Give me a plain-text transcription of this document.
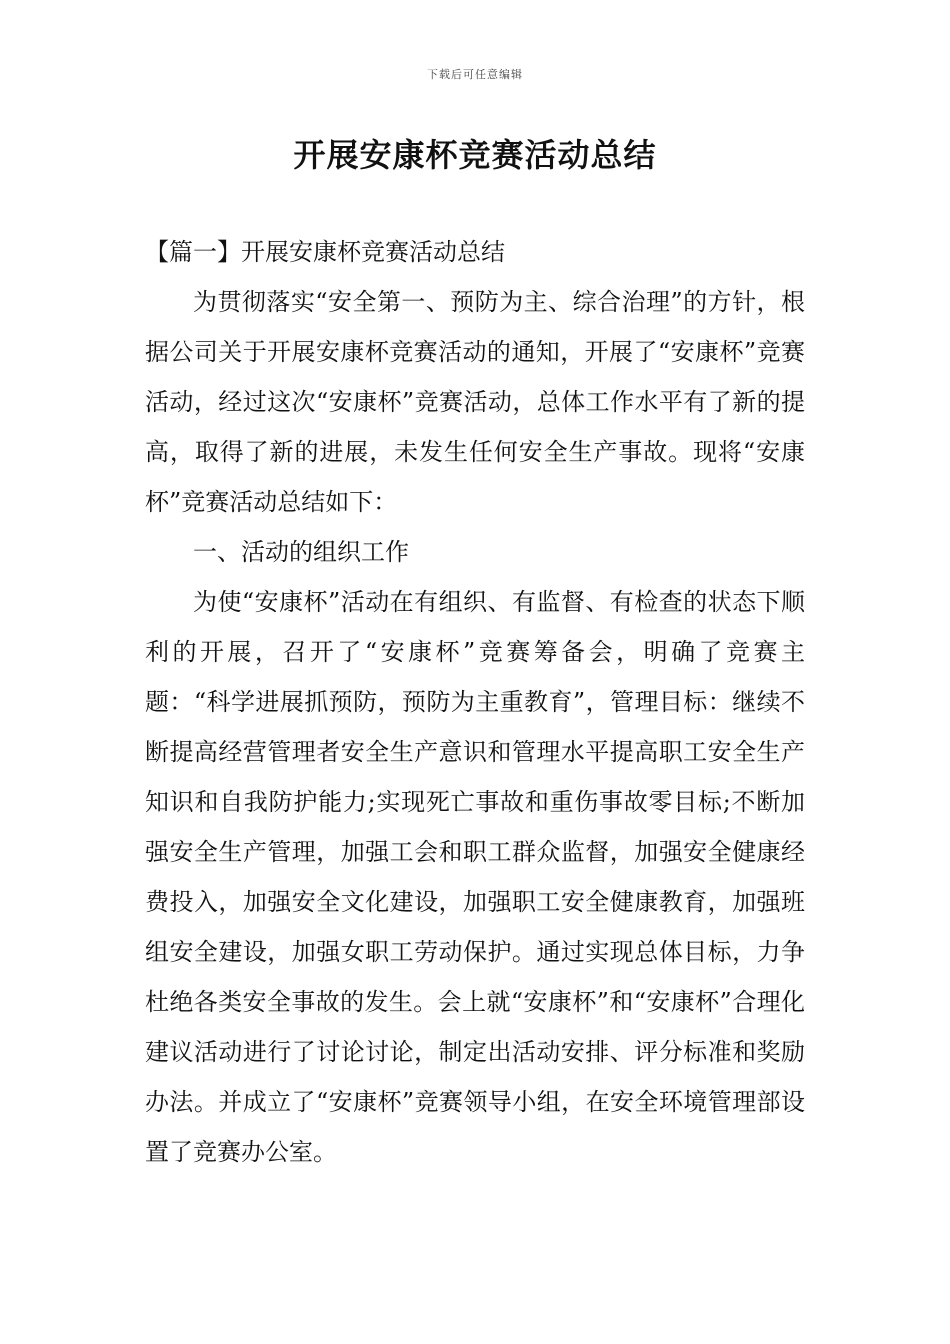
下载后可任意编辑
开展安康杯竞赛活动总结

【篇一】开展安康杯竞赛活动总结

为贯彻落实“安全第一、预防为主、综合治理”的方针，根据公司关于开展安康杯竞赛活动的通知，开展了“安康杯”竞赛活动，经过这次“安康杯”竞赛活动，总体工作水平有了新的提高，取得了新的进展，未发生任何安全生产事故。现将“安康杯”竞赛活动总结如下：

一、活动的组织工作

为使“安康杯”活动在有组织、有监督、有检查的状态下顺利的开展，召开了“安康杯”竞赛筹备会，明确了竞赛主题：“科学进展抓预防，预防为主重教育”，管理目标：继续不断提高经营管理者安全生产意识和管理水平提高职工安全生产知识和自我防护能力;实现死亡事故和重伤事故零目标;不断加强安全生产管理，加强工会和职工群众监督，加强安全健康经费投入，加强安全文化建设，加强职工安全健康教育，加强班组安全建设，加强女职工劳动保护。通过实现总体目标，力争杜绝各类安全事故的发生。会上就“安康杯”和“安康杯”合理化建议活动进行了讨论讨论，制定出活动安排、评分标准和奖励办法。并成立了“安康杯”竞赛领导小组，在安全环境管理部设置了竞赛办公室。
